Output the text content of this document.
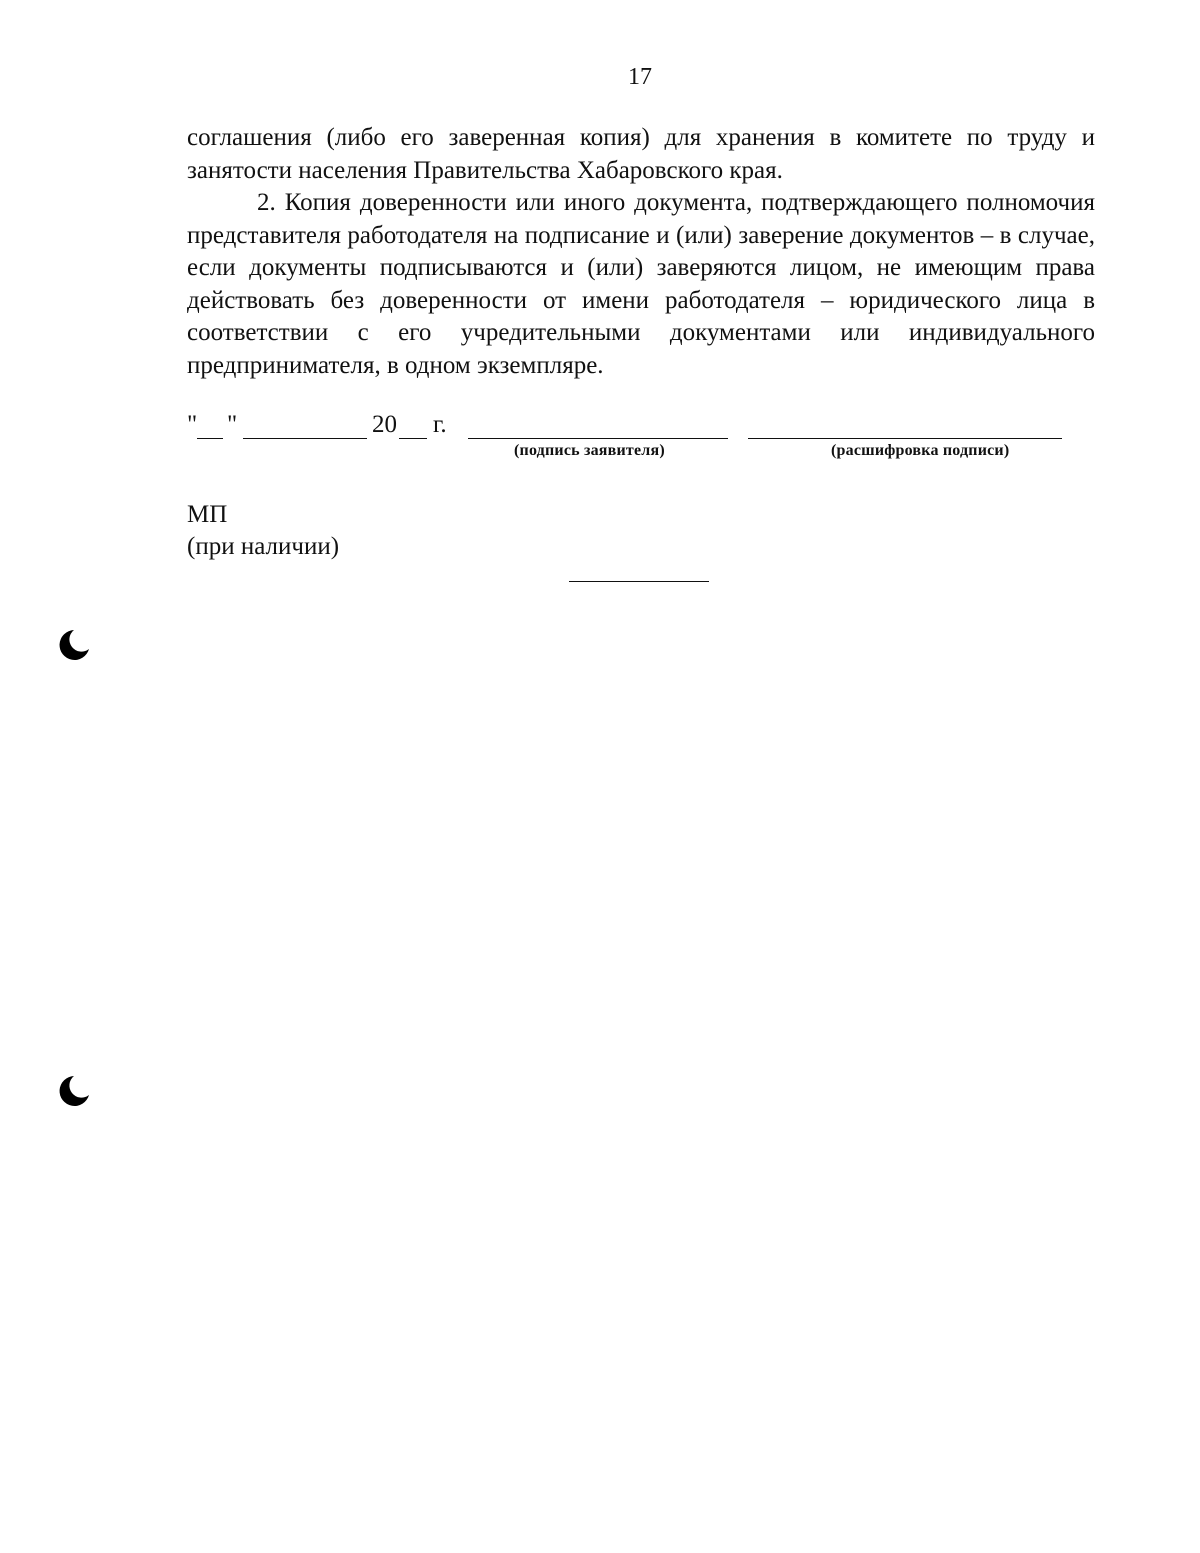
17

соглашения (либо его заверенная копия) для хранения в комитете по труду и занятости населения Правительства Хабаровского края.

2. Копия доверенности или иного документа, подтверждающего полномочия представителя работодателя на подписание и (или) заверение документов – в случае, если документы подписываются и (или) заверяются лицом, не имеющим права действовать без доверенности от имени работодателя – юридического лица в соответствии с его учредительными документами или индивидуального предпринимателя, в одном экземпляре.

" "	20 г.
(подпись заявителя)	(расшифровка подписи)
МП
(при наличии)
